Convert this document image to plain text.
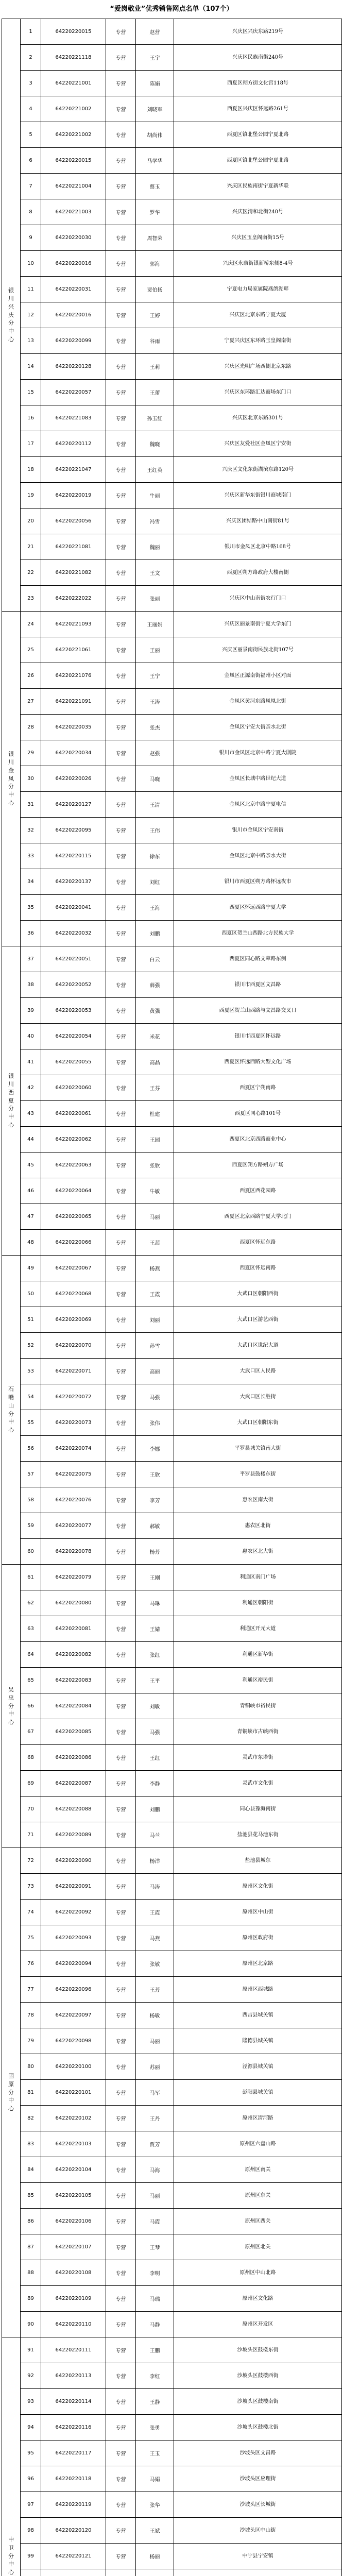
“爱岗敬业”优秀销售网点名单（107个）
银川兴庆分中心	1	64220220015	专营	赵营	兴庆区兴庆东路219号
	2	64220221118	专营	王宇	兴庆区民族南街240号
	3	64220221001	专营	陈娟	西夏区朔方街文化宫118号
	4	64220221002	专营	刘晓军	西夏区兴庆区怀远路261号
	5	64220221002	专营	胡尚伟	西夏区镇北堡公园宁夏北路
	6	64220220015	专营	马学华	西夏区镇北堡公园宁夏北路
	7	64220221004	专营	蔡玉	兴庆区民族南街宁夏新华联
	8	64220221003	专营	罗华	兴庆区清和北街240号
	9	64220220030	专营	周智荣	兴庆区玉皇阁南街15号
	10	64220220016	专营	郭海	兴庆区永康街银新桥东侧8-4号
	11	64220220031	专营	贾伯扬	宁夏电力局家属院燕鸽湖畔
	12	64220220016	专营	王婷	兴庆区北京东路宁夏大厦
	13	64220220099	专营	谷雨	宁夏兴庆区东环路玉皇阁南街
	14	64220220128	专营	王莉	兴庆区光明广场西侧北京东路
	15	64220220057	专营	王蕾	兴庆区东环路汇达商场东门口
	16	64220221083	专营	孙玉红	兴庆区北京东路301号
	17	64220220112	专营	魏晓	兴庆区友爱社区金凤区宁安街
	18	64220221047	专营	王红英	兴庆区文化东街湖滨东路120号
	19	64220220019	专营	牛丽	兴庆区新华东街银川商城南门
	20	64220220056	专营	冯雪	兴庆区团结路中山南街81号
	21	64220221081	专营	魏丽	银川市金凤区北京中路168号
	22	64220221082	专营	王文	西夏区朔方路政府大楼南侧
	23	64220222022	专营	张丽	兴庆区中山南街农行门口

银川金凤分中心	24	64220221093	专营	王丽娟	兴庆区丽景南街宁夏大学东门
	25	64220221061	专营	王丽	兴庆区丽景南街民族北街107号
	26	64220221076	专营	王宁	金凤区正源南街福州小区对面
	27	64220221091	专营	王涛	金凤区黄河东路凤凰北街
	28	64220220035	专营	张杰	金凤区宁安大街亲水北街
	29	64220220034	专营	赵强	银川市金凤区北京中路宁夏大剧院
	30	64220220026	专营	马晓	金凤区长城中路世纪大道
	31	64220220127	专营	王清	金凤区北京中路宁夏电信
	32	64220220095	专营	王伟	银川市金凤区宁安南街
	33	64220220115	专营	徐东	金凤区北京中路亲水大街
	34	64220220137	专营	刘红	银川市西夏区朔方路怀远夜市
	35	64220220041	专营	王海	西夏区怀远西路宁夏大学
	36	64220220032	专营	刘鹏	西夏区贺兰山西路北方民族大学

银川西夏分中心	37	64220220051	专营	白云	西夏区同心路文萃路东侧
	38	64220220052	专营	薛强	银川市西夏区文昌路
	39	64220220053	专营	黄强	西夏区贺兰山西路与文昌路交叉口
	40	64220220054	专营	米花	银川市西夏区怀远路
	41	64220220055	专营	高晶	西夏区怀远西路大型文化广场
	42	64220220060	专营	王芬	西夏区宁朔南路
	43	64220220061	专营	杜建	西夏区同心路101号
	44	64220220062	专营	王园	西夏区北京西路商业中心
	45	64220220063	专营	张欣	西夏区朔方路朔方广场
	46	64220220064	专营	牛敏	西夏区西花园路
	47	64220220065	专营	马丽	西夏区北京西路宁夏大学北门
	48	64220220066	专营	王茜	西夏区怀远东路

石嘴山分中心	49	64220220067	专营	杨燕	西夏区怀远南路
	50	64220220068	专营	王霞	大武口区朝阳西街
	51	64220220069	专营	刘丽	大武口区游艺西街
	52	64220220070	专营	孙雪	大武口区世纪大道
	53	64220220071	专营	高丽	大武口区人民路
	54	64220220072	专营	马强	大武口区长胜街
	55	64220220073	专营	张伟	大武口区朝阳东街
	56	64220220074	专营	李娜	平罗县城关镇南大街
	57	64220220075	专营	王欣	平罗县鼓楼东街
	58	64220220076	专营	李芳	惠农区南大街
	59	64220220077	专营	郝敏	惠农区北街
	60	64220220078	专营	杨芳	惠农区北大街

吴忠分中心	61	64220220079	专营	王刚	利通区南门广场
	62	64220220080	专营	马琳	利通区朝阳街
	63	64220220081	专营	王婧	利通区开元大道
	64	64220220082	专营	张红	利通区新华街
	65	64220220083	专营	王平	利通区裕民街
	66	64220220084	专营	刘敏	青铜峡市裕民街
	67	64220220085	专营	马强	青铜峡市古峡西街
	68	64220220086	专营	王红	灵武市东塔街
	69	64220220087	专营	李静	灵武市文化街
	70	64220220088	专营	刘鹏	同心县豫海南街
	71	64220220089	专营	马兰	盐池县花马池东街

固原分中心	72	64220220090	专营	杨洋	盐池县城东
	73	64220220091	专营	马涛	原州区文化街
	74	64220220092	专营	王霞	原州区中山街
	75	64220220093	专营	马燕	原州区政府街
	76	64220220094	专营	张敏	原州区北京路
	77	64220220096	专营	王芳	原州区西城路
	78	64220220097	专营	杨敏	西吉县城关镇
	79	64220220098	专营	马丽	隆德县城关镇
	80	64220220100	专营	苏丽	泾源县城关镇
	81	64220220101	专营	马军	彭阳县城关镇
	82	64220220102	专营	王丹	原州区清河路
	83	64220220103	专营	贾芳	原州区六盘山路
	84	64220220104	专营	马海	原州区南关
	85	64220220105	专营	马丽	原州区东关
	86	64220220106	专营	马霞	原州区西关
	87	64220220107	专营	王琴	原州区北关
	88	64220220108	专营	李明	原州区中山北路
	89	64220220109	专营	马瑞	原州区文化路
	90	64220220110	专营	马静	原州区开发区

中卫分中心	91	64220220111	专营	王鹏	沙坡头区鼓楼东街
	92	64220220113	专营	李红	沙坡头区鼓楼西街
	93	64220220114	专营	王静	沙坡头区鼓楼南街
	94	64220220116	专营	张勇	沙坡头区鼓楼北街
	95	64220220117	专营	王玉	沙坡头区文昌路
	96	64220220118	专营	马娟	沙坡头区应理街
	97	64220220119	专营	张华	沙坡头区长城街
	98	64220220120	专营	王斌	沙坡头区中山街
	99	64220220121	专营	杨丽	中宁县宁安镇
